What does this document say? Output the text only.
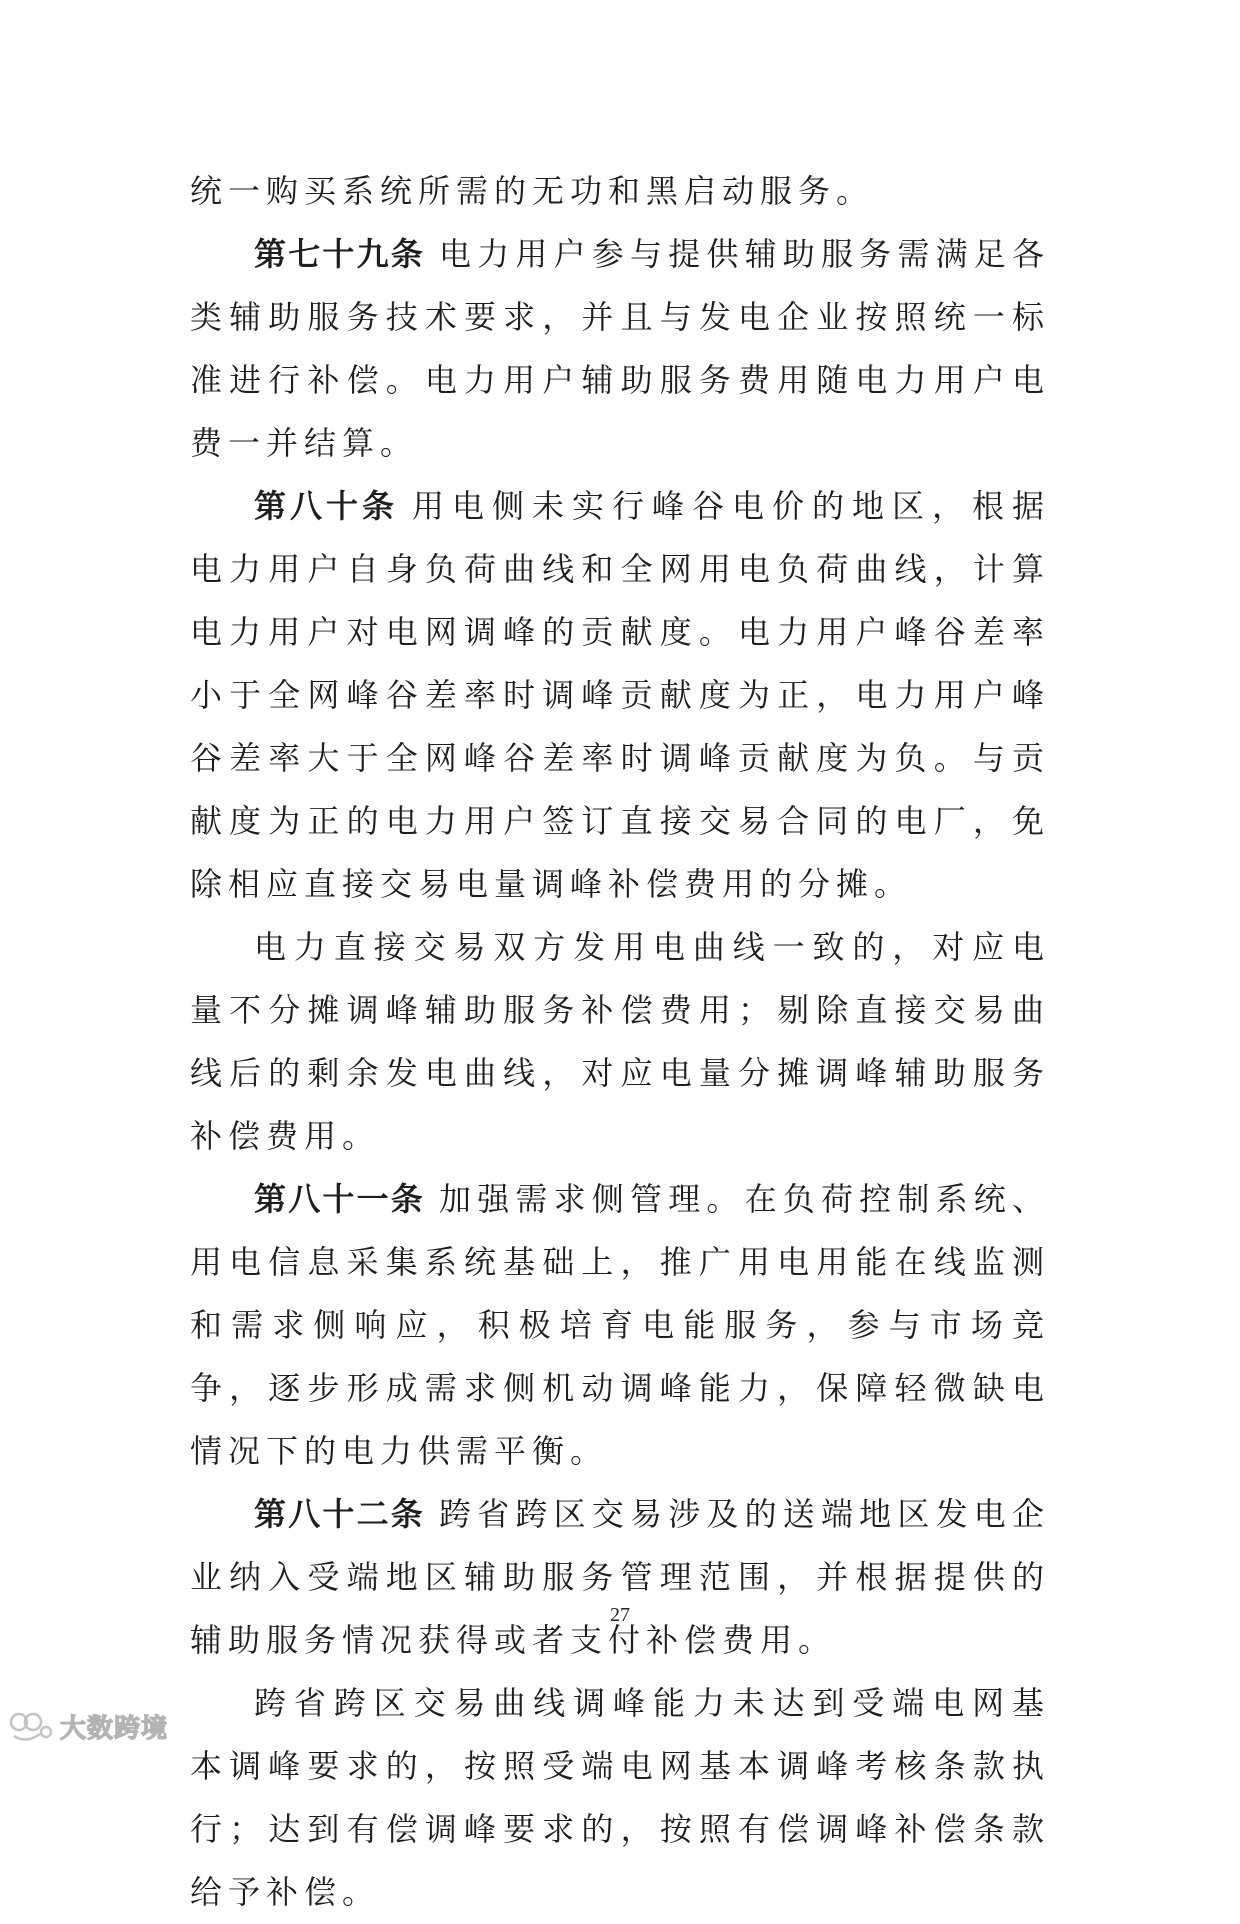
统一购买系统所需的无功和黑启动服务。

第七十九条 电力用户参与提供辅助服务需满足各类辅助服务技术要求，并且与发电企业按照统一标准进行补偿。电力用户辅助服务费用随电力用户电费一并结算。

第八十条 用电侧未实行峰谷电价的地区，根据电力用户自身负荷曲线和全网用电负荷曲线，计算电力用户对电网调峰的贡献度。电力用户峰谷差率小于全网峰谷差率时调峰贡献度为正，电力用户峰谷差率大于全网峰谷差率时调峰贡献度为负。与贡献度为正的电力用户签订直接交易合同的电厂，免除相应直接交易电量调峰补偿费用的分摊。

电力直接交易双方发用电曲线一致的，对应电量不分摊调峰辅助服务补偿费用；剔除直接交易曲线后的剩余发电曲线，对应电量分摊调峰辅助服务补偿费用。

第八十一条 加强需求侧管理。在负荷控制系统、用电信息采集系统基础上，推广用电用能在线监测和需求侧响应，积极培育电能服务，参与市场竞争，逐步形成需求侧机动调峰能力，保障轻微缺电情况下的电力供需平衡。

第八十二条 跨省跨区交易涉及的送端地区发电企业纳入受端地区辅助服务管理范围，并根据提供的辅助服务情况获得或者支付补偿费用。

跨省跨区交易曲线调峰能力未达到受端电网基本调峰要求的，按照受端电网基本调峰考核条款执行；达到有偿调峰要求的，按照有偿调峰补偿条款给予补偿。

27
大数跨境
